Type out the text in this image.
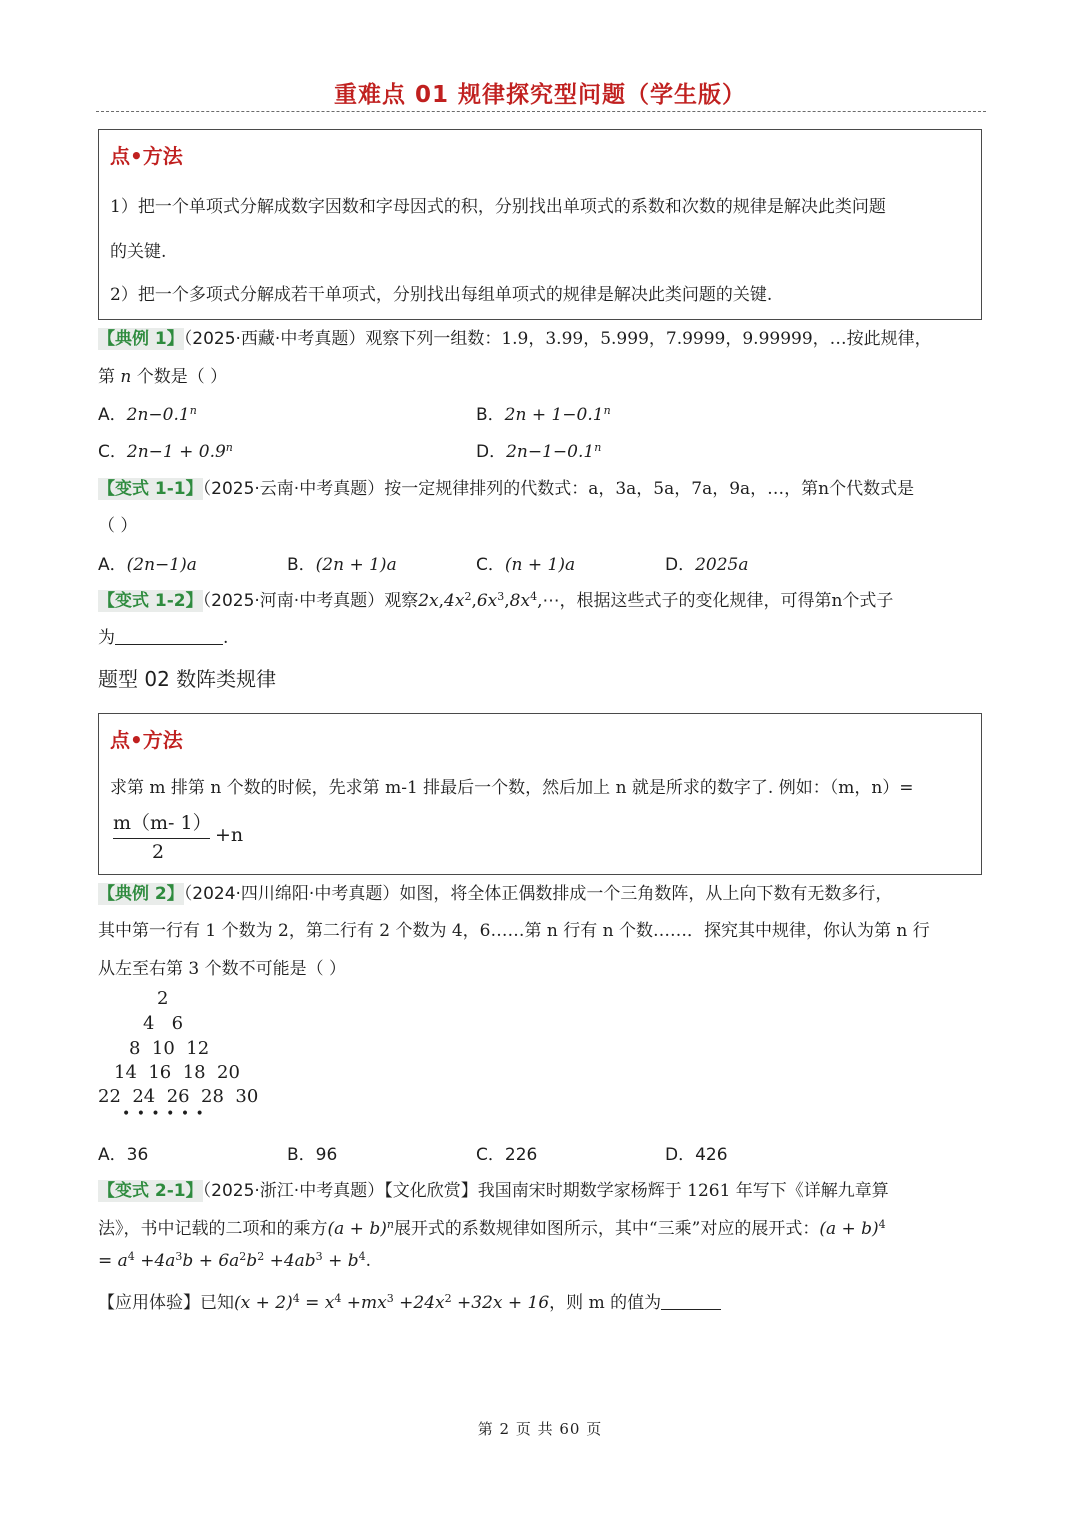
重难点 01 规律探究型问题（学生版）
点•方法
1）把一个单项式分解成数字因数和字母因式的积，分别找出单项式的系数和次数的规律是解决此类问题
的关键.
2）把一个多项式分解成若干单项式，分别找出每组单项式的规律是解决此类问题的关键.
【典例 1】（2025·西藏·中考真题）观察下列一组数：1.9，3.99，5.999，7.9999，9.99999，…按此规律，
第 n 个数是（ ）
A．$2n-0.1^n$	B．$2n + 1-0.1^n$
C．$2n-1 + 0.9^n$	D．$2n-1-0.1^n$
【变式 1-1】（2025·云南·中考真题）按一定规律排列的代数式：a，3a，5a，7a，9a，…，第n个代数式是
（ ）
A．(2n−1)a	B．(2n + 1)a	C．(n + 1)a	D．2025a
【变式 1-2】（2025·河南·中考真题）观察$2x,4x^2,6x^3,8x^4,\cdots$，根据这些式子的变化规律，可得第n个式子
为	.
题型 02 数阵类规律
点•方法
求第 m 排第 n 个数的时候，先求第 m-1 排最后一个数，然后加上 n 就是所求的数字了. 例如：（m，n）=
m（m- 1）
2
+n
【典例 2】（2024·四川绵阳·中考真题）如图，将全体正偶数排成一个三角数阵，从上向下数有无数多行，
其中第一行有 1 个数为 2，第二行有 2 个数为 4，6……第 n 行有 n 个数……．探究其中规律，你认为第 n 行
从左至右第 3 个数不可能是（ ）
2
4   6
8  10  12
14  16  18  20
22  24  26  28  30
• • • • • •
A．36	B．96	C．226	D．426
【变式 2-1】（2025·浙江·中考真题）【文化欣赏】我国南宋时期数学家杨辉于 1261 年写下《详解九章算
法》，书中记载的二项和的乘方$(a + b)^n$展开式的系数规律如图所示，其中“三乘”对应的展开式：$(a + b)^4$
= $a^4 +4a^3b + 6a^2b^2 +4ab^3 + b^4$.
【应用体验】已知$(x + 2)^4 = x^4 +mx^3 +24x^2 +32x + 16$，则 m 的值为
第 2 页 共 60 页
